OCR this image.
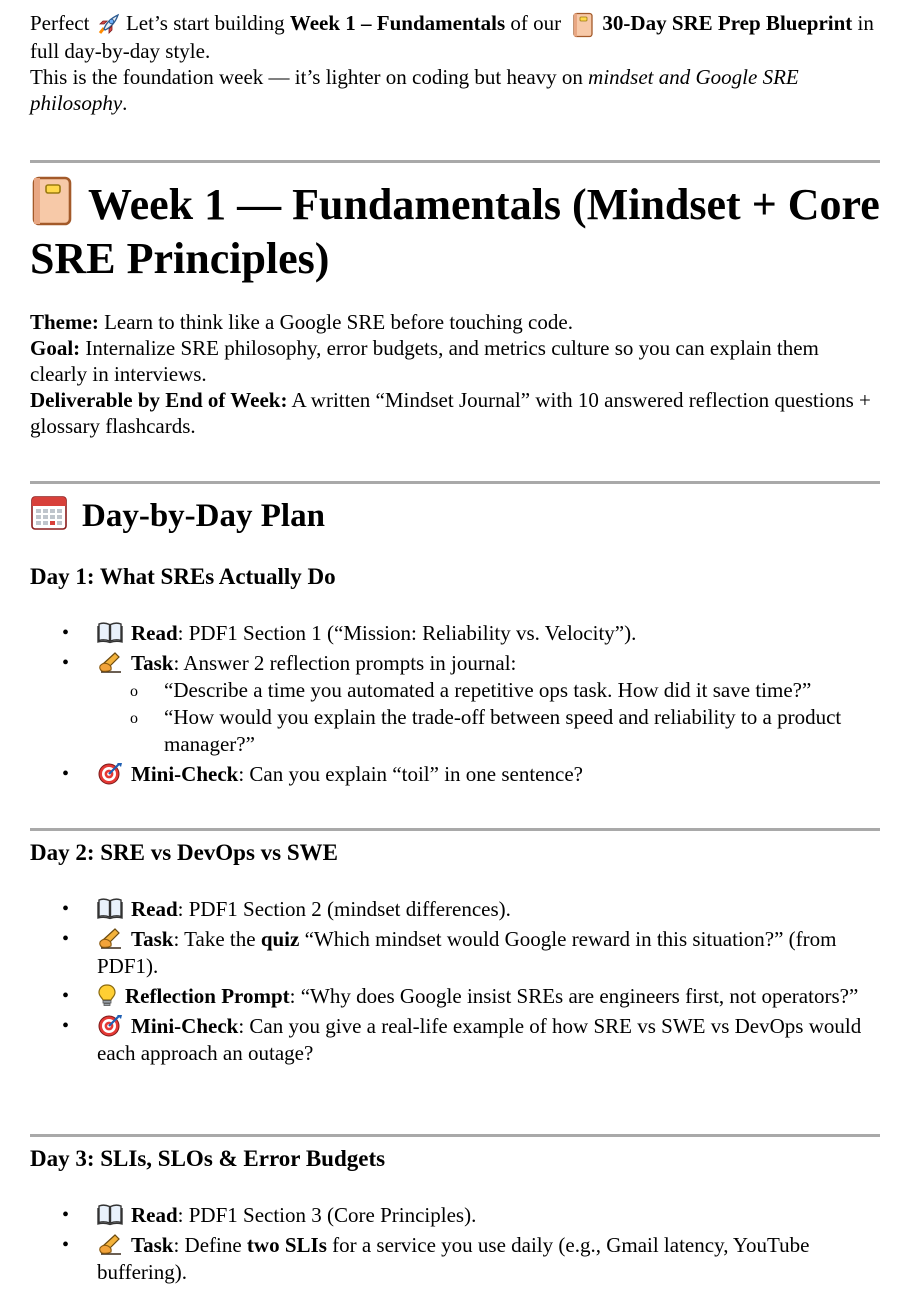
Perfect
Let’s start building Week 1 – Fundamentals of our
30-Day SRE Prep Blueprint in full day-by-day style.

This is the foundation week — it’s lighter on coding but heavy on mindset and Google SRE philosophy.

Week 1 — Fundamentals (Mindset + Core SRE Principles)

Theme: Learn to think like a Google SRE before touching code.

Goal: Internalize SRE philosophy, error budgets, and metrics culture so you can explain them clearly in interviews.

Deliverable by End of Week: A written “Mindset Journal” with 10 answered reflection questions + glossary flashcards.

Day-by-Day Plan
Day 1: What SREs Actually Do
• Read: PDF1 Section 1 (“Mission: Reliability vs. Velocity”).
• Task: Answer 2 reflection prompts in journal:
o “Describe a time you automated a repetitive ops task. How did it save time?”
o “How would you explain the trade-off between speed and reliability to a product manager?”
• Mini-Check: Can you explain “toil” in one sentence?
Day 2: SRE vs DevOps vs SWE
• Read: PDF1 Section 2 (mindset differences).
• Task: Take the quiz “Which mindset would Google reward in this situation?” (from PDF1).
• Reflection Prompt: “Why does Google insist SREs are engineers first, not operators?”
• Mini-Check: Can you give a real-life example of how SRE vs SWE vs DevOps would each approach an outage?
Day 3: SLIs, SLOs & Error Budgets
• Read: PDF1 Section 3 (Core Principles).
• Task: Define two SLIs for a service you use daily (e.g., Gmail latency, YouTube buffering).
